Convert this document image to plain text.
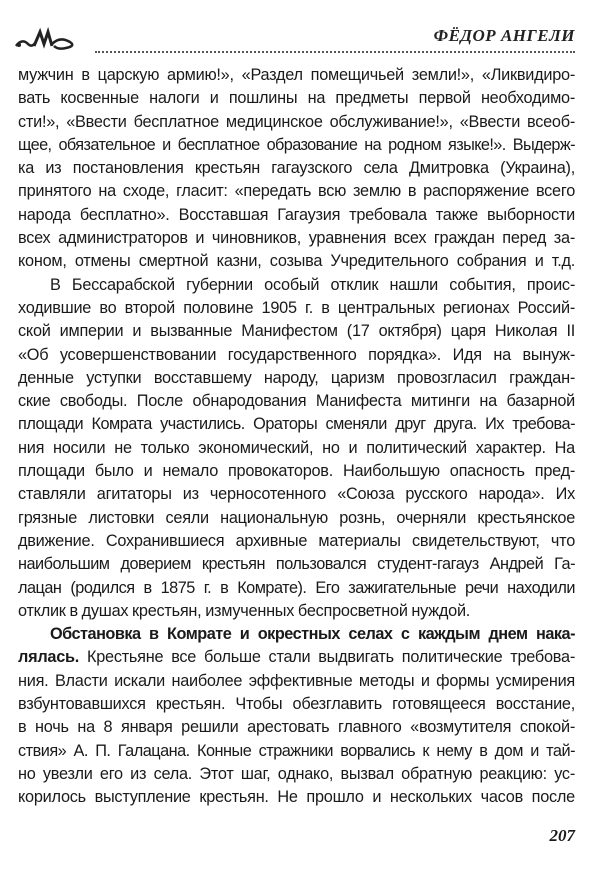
ФЁДОР АНГЕЛИ
мужчин в царскую армию!», «Раздел помещичьей земли!», «Ликвидиро-
вать косвенные налоги и пошлины на предметы первой необходимо-
сти!», «Ввести бесплатное медицинское обслуживание!», «Ввести всеоб-
щее, обязательное и бесплатное образование на родном языке!». Выдерж-
ка из постановления крестьян гагаузского села Дмитровка (Украина),
принятого на сходе, гласит: «передать всю землю в распоряжение всего
народа бесплатно». Восставшая Гагаузия требовала также выборности
всех администраторов и чиновников, уравнения всех граждан перед за-
коном, отмены смертной казни, созыва Учредительного собрания и т.д.
В Бессарабской губернии особый отклик нашли события, проис-
ходившие во второй половине 1905 г. в центральных регионах Россий-
ской империи и вызванные Манифестом (17 октября) царя Николая II
«Об усовершенствовании государственного порядка». Идя на вынуж-
денные уступки восставшему народу, царизм провозгласил граждан-
ские свободы. После обнародования Манифеста митинги на базарной
площади Комрата участились. Ораторы сменяли друг друга. Их требова-
ния носили не только экономический, но и политический характер. На
площади было и немало провокаторов. Наибольшую опасность пред-
ставляли агитаторы из черносотенного «Союза русского народа». Их
грязные листовки сеяли национальную рознь, очерняли крестьянское
движение. Сохранившиеся архивные материалы свидетельствуют, что
наибольшим доверием крестьян пользовался студент-гагауз Андрей Га-
лацан (родился в 1875 г. в Комрате). Его зажигательные речи находили
отклик в душах крестьян, измученных беспросветной нуждой.
Обстановка в Комрате и окрестных селах с каждым днем нака-
лялась. Крестьяне все больше стали выдвигать политические требова-
ния. Власти искали наиболее эффективные методы и формы усмирения
взбунтовавшихся крестьян. Чтобы обезглавить готовящееся восстание,
в ночь на 8 января решили арестовать главного «возмутителя спокой-
ствия» А. П. Галацана. Конные стражники ворвались к нему в дом и тай-
но увезли его из села. Этот шаг, однако, вызвал обратную реакцию: ус-
корилось выступление крестьян. Не прошло и нескольких часов после
207
